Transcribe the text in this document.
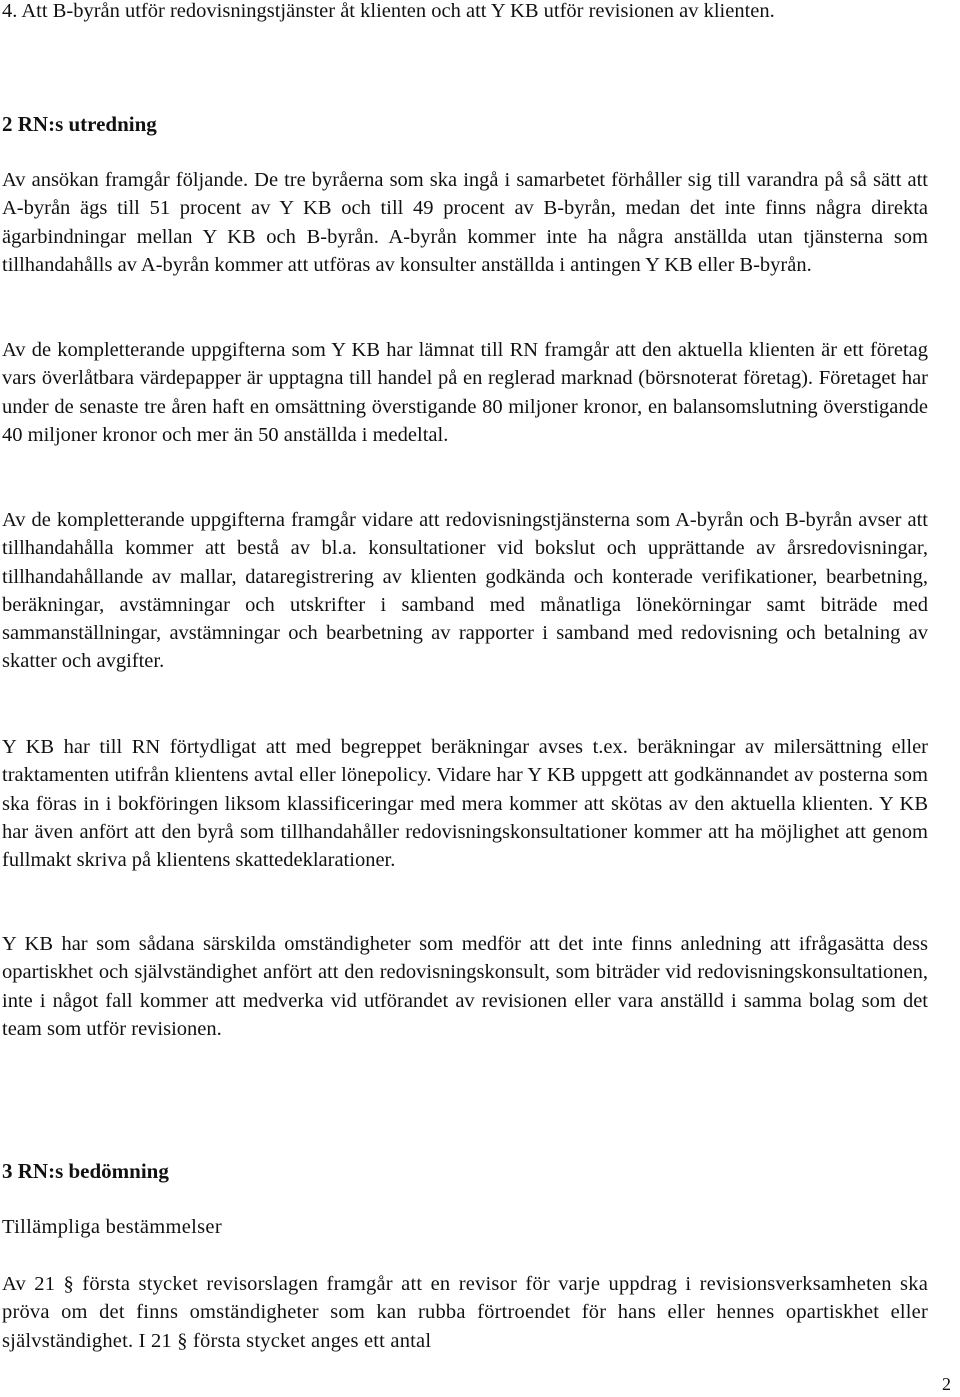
4. Att B-byrån utför redovisningstjänster åt klienten och att Y KB utför revisionen av klienten.

2 RN:s utredning

Av ansökan framgår följande. De tre byråerna som ska ingå i samarbetet förhåller sig till varandra på så sätt att A-byrån ägs till 51 procent av Y KB och till 49 procent av B-byrån, medan det inte finns några direkta ägarbindningar mellan Y KB och B-byrån. A-byrån kommer inte ha några anställda utan tjänsterna som tillhandahålls av A-byrån kommer att utföras av konsulter anställda i antingen Y KB eller B-byrån.

Av de kompletterande uppgifterna som Y KB har lämnat till RN framgår att den aktuella klienten är ett företag vars överlåtbara värdepapper är upptagna till handel på en reglerad marknad (börsnoterat företag). Företaget har under de senaste tre åren haft en omsättning överstigande 80 miljoner kronor, en balansomslutning överstigande 40 miljoner kronor och mer än 50 anställda i medeltal.

Av de kompletterande uppgifterna framgår vidare att redovisningstjänsterna som A-byrån och B-byrån avser att tillhandahålla kommer att bestå av bl.a. konsultationer vid bokslut och upprättande av årsredovisningar, tillhandahållande av mallar, dataregistrering av klienten godkända och konterade verifikationer, bearbetning, beräkningar, avstämningar och utskrifter i samband med månatliga lönekörningar samt biträde med sammanställningar, avstämningar och bearbetning av rapporter i samband med redovisning och betalning av skatter och avgifter.

Y KB har till RN förtydligat att med begreppet beräkningar avses t.ex. beräkningar av milersättning eller traktamenten utifrån klientens avtal eller lönepolicy. Vidare har Y KB uppgett att godkännandet av posterna som ska föras in i bokföringen liksom klassificeringar med mera kommer att skötas av den aktuella klienten. Y KB har även anfört att den byrå som tillhandahåller redovisningskonsultationer kommer att ha möjlighet att genom fullmakt skriva på klientens skattedeklarationer.

Y KB har som sådana särskilda omständigheter som medför att det inte finns anledning att ifrågasätta dess opartiskhet och självständighet anfört att den redovisningskonsult, som biträder vid redovisningskonsultationen, inte i något fall kommer att medverka vid utförandet av revisionen eller vara anställd i samma bolag som det team som utför revisionen.

3 RN:s bedömning

Tillämpliga bestämmelser

Av 21 § första stycket revisorslagen framgår att en revisor för varje uppdrag i revisionsverksamheten ska pröva om det finns omständigheter som kan rubba förtroendet för hans eller hennes opartiskhet eller självständighet. I 21 § första stycket anges ett antal

2
